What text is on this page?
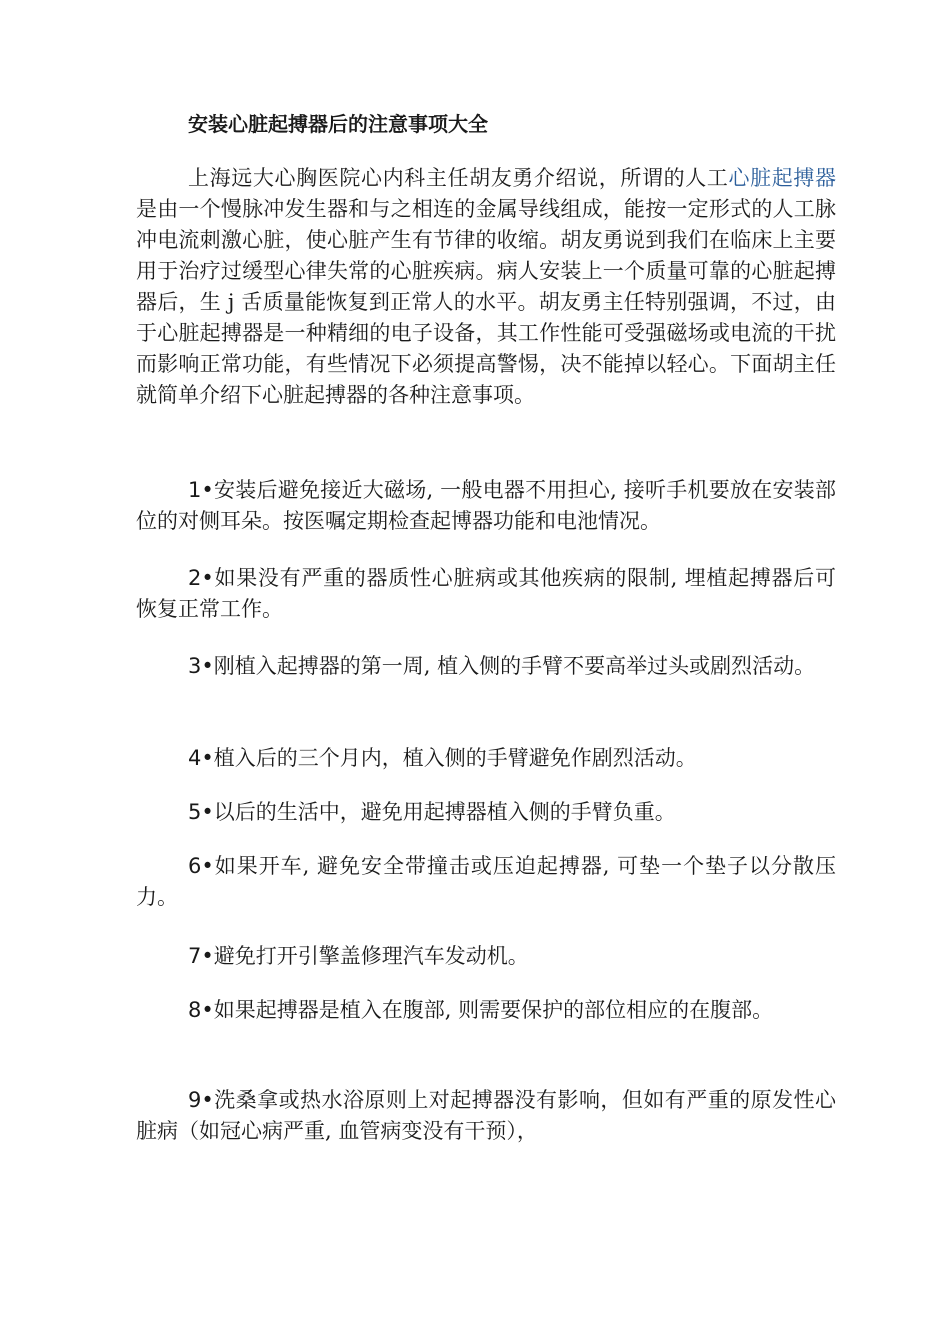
安装心脏起搏器后的注意事项大全

上海远大心胸医院心内科主任胡友勇介绍说，所谓的人工心脏起搏器是由一个慢脉冲发生器和与之相连的金属导线组成，能按一定形式的人工脉冲电流刺激心脏，使心脏产生有节律的收缩。胡友勇说到我们在临床上主要用于治疗过缓型心律失常的心脏疾病。病人安装上一个质量可靠的心脏起搏器后，生 j 舌质量能恢复到正常人的水平。胡友勇主任特别强调，不过，由于心脏起搏器是一种精细的电子设备，其工作性能可受强磁场或电流的干扰而影响正常功能，有些情况下必须提高警惕，决不能掉以轻心。下面胡主任就简单介绍下心脏起搏器的各种注意事项。

1•安装后避免接近大磁场, 一般电器不用担心, 接听手机要放在安装部位的对侧耳朵。按医嘱定期检查起博器功能和电池情况。

2•如果没有严重的器质性心脏病或其他疾病的限制, 埋植起搏器后可恢复正常工作。

3•刚植入起搏器的第一周, 植入侧的手臂不要高举过头或剧烈活动。

4•植入后的三个月内，植入侧的手臂避免作剧烈活动。

5•以后的生活中，避免用起搏器植入侧的手臂负重。

6•如果开车, 避免安全带撞击或压迫起搏器, 可垫一个垫子以分散压力。

7•避免打开引擎盖修理汽车发动机。

8•如果起搏器是植入在腹部, 则需要保护的部位相应的在腹部。

9•洗桑拿或热水浴原则上对起搏器没有影响，但如有严重的原发性心脏病（如冠心病严重, 血管病变没有干预），
